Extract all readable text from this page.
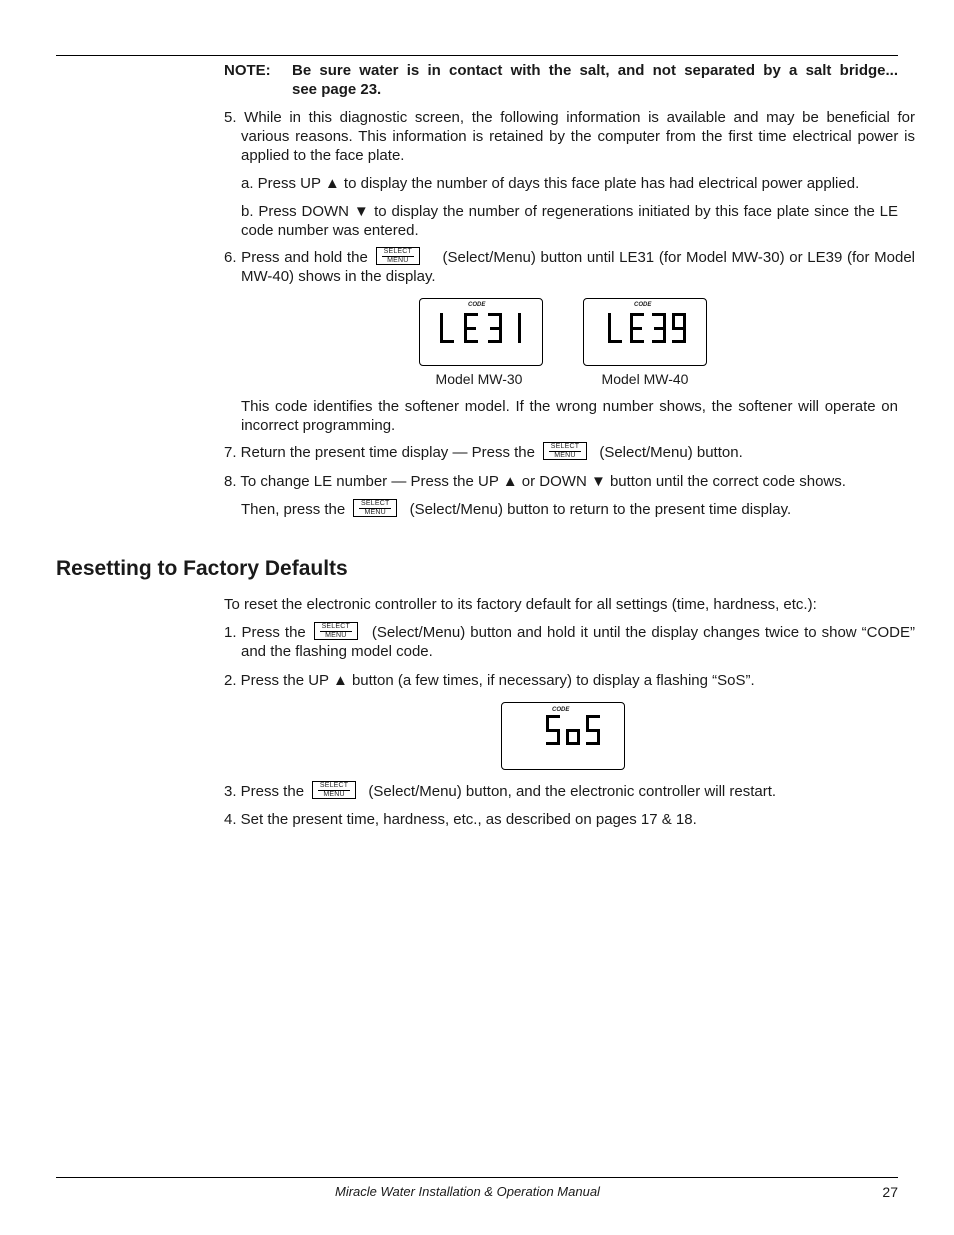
NOTE: Be sure water is in contact with the salt, and not separated by a salt bridge...
see page 23.
5. While in this diagnostic screen, the following information is available and may be beneficial for various reasons. This information is retained by the computer from the first time electrical power is applied to the face plate.
a. Press UP ▲ to display the number of days this face plate has had electrical power applied.
b. Press DOWN ▼ to display the number of regenerations initiated by this face plate since the LE code number was entered.
6. Press and hold the	SELECT
MENU	(Select/Menu) button until LE31 (for Model MW-30) or LE39 (for Model MW-40) shows in the display.
CODE	CODE
Model MW-30	Model MW-40
This code identifies the softener model. If the wrong number shows, the softener will operate on incorrect programming.
7. Return the present time display — Press the	SELECT
MENU	(Select/Menu) button.
8. To change LE number — Press the UP ▲ or DOWN ▼ button until the correct code shows.
Then, press the	SELECT
MENU	(Select/Menu) button to return to the present time display.
Resetting to Factory Defaults
To reset the electronic controller to its factory default for all settings (time, hardness, etc.):
1. Press the	SELECT
MENU	(Select/Menu) button and hold it until the display changes twice to show “CODE” and the flashing model code.
2. Press the UP ▲ button (a few times, if necessary) to display a flashing “SoS”.
CODE
3. Press the	SELECT
MENU	(Select/Menu) button, and the electronic controller will restart.
4. Set the present time, hardness, etc., as described on pages 17 & 18.
Miracle Water Installation & Operation Manual	27
